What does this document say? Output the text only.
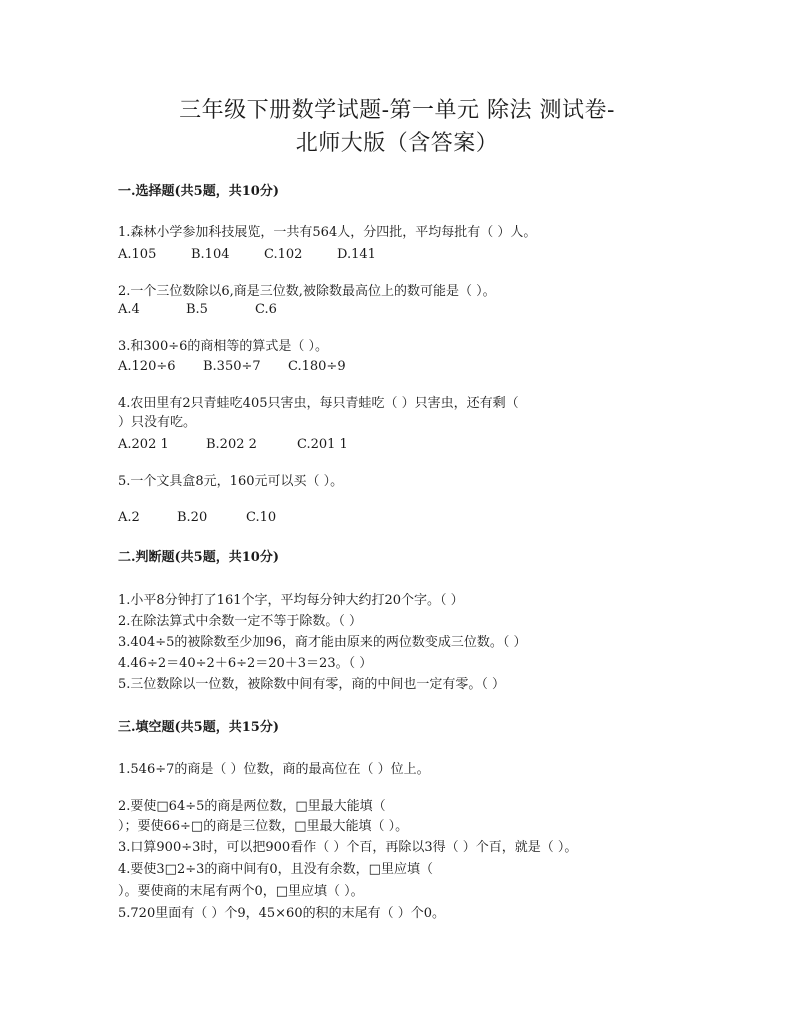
三年级下册数学试题-第一单元 除法 测试卷-
北师大版（含答案）
一.选择题(共5题，共10分)
1.森林小学参加科技展览，一共有564人，分四批，平均每批有（ ）人。
A.105	B.104	C.102	D.141
2.一个三位数除以6,商是三位数,被除数最高位上的数可能是（ ）。
A.4	B.5	C.6
3.和300÷6的商相等的算式是（ ）。
A.120÷6 B.350÷7 C.180÷9
4.农田里有2只青蛙吃405只害虫，每只青蛙吃（ ）只害虫，还有剩（
）只没有吃。
A.202 1	B.202 2	C.201 1
5.一个文具盒8元，160元可以买（ ）。
A.2	B.20	C.10
二.判断题(共5题，共10分)
1.小平8分钟打了161个字，平均每分钟大约打20个字。（ ）
2.在除法算式中余数一定不等于除数。（ ）
3.404÷5的被除数至少加96，商才能由原来的两位数变成三位数。（ ）
4.46÷2＝40÷2＋6÷2＝20＋3＝23。（ ）
5.三位数除以一位数，被除数中间有零，商的中间也一定有零。（ ）
三.填空题(共5题，共15分)
1.546÷7的商是（ ）位数，商的最高位在（ ）位上。
2.要使□64÷5的商是两位数，□里最大能填（
）；要使66÷□的商是三位数，□里最大能填（ ）。
3.口算900÷3时，可以把900看作（ ）个百，再除以3得（ ）个百，就是（ ）。
4.要使3□2÷3的商中间有0，且没有余数，□里应填（
）。要使商的末尾有两个0，□里应填（ ）。
5.720里面有（ ）个9，45×60的积的末尾有（ ）个0。
